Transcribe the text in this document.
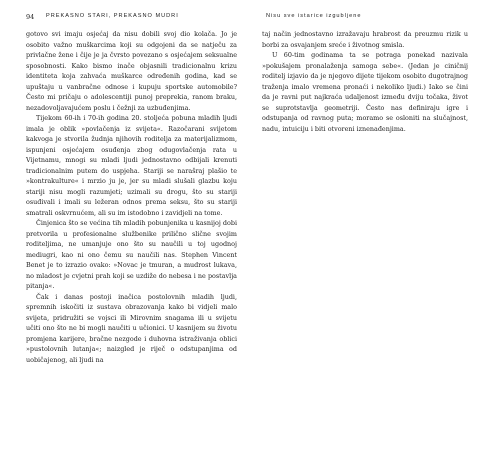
94 PREKASNO STARI, PREKASNO MUDRI	Nisu sve istarice izgubljene

gotovo svi imaju osjećaj da nisu dobili svoj dio kolača. Jo je osobito važno muškarcima koji su odgojeni da se natječu za privlačne žene i čije je ja čvrsto povezano s osjećajem seksualne sposobnosti. Kako bismo inače objasnili tradicionalnu krizu identiteta koja zahvaća muškarce određenih godina, kad se upuštaju u vanbračne odnose i kupuju sportske automobile? Često mi pričaju o adolescentiji punoj preprekia, ranom braku, nezadovoljavajućem poslu i čežnji za uzbuđenjima.

Tijekom 60-ih i 70-ih godina 20. stoljeća pobuna mladih ljudi imala je oblik »povlačenja iz svijeta«. Razočarani svijetom kakvoga je stvorila žudnja njihovih roditelja za materijalizmom, ispunjeni osjećajem osuđenja zbog odugovlačenja rata u Vijetnamu, mnogi su mladi ljudi jednostavno odbijali krenuti tradicionalnim putem do uspjeha. Stariji se narašraj plašio te »kontrakulture« i mrzio ju je, jer su mladi slušali glazbu koju stariji nisu mogli razumjeti; uzimali su drogu, što su stariji osuđivali i imali su ležeran odnos prema seksu, što su stariji smatrali oskvrnućem, ali su im istodobno i zavidjeli na tome.

Činjenica što se većina tih mladih pobunjenika u kasnijoj dobi pretvorila u profesionalne službenike prilično slične svojim roditeljima, ne umanjuje ono što su naučili u toj ugodnoj mediugri, kao ni ono čemu su naučili nas. Stephen Vincent Benet je to izrazio ovako: »Novac je tmuran, a mudrost lukava, no mladost je cvjetni prah koji se uzdiže do nebesa i ne postavlja pitanja«.

Čak i danas postoji inačica postolovnih mladih ljudi, spremnih iskočiti iz sustava obrazovanja kako bi vidjeli malo svijeta, pridružiti se vojsci ili Mirovnim snagama ili u svijetu učiti ono što ne bi mogli naučiti u učionici. U kasnijem su životu promjena karijere, bračne nezgode i duhovna istraživanja oblici »pustolovnih lutanja«; naizgled je riječ o odstupanjima od uobičajenog, ali ljudi na

taj način jednostavno izražavaju hrabrost da preuzmu rizik u borbi za osvajanjem sreće i životnog smisla.

U 60-tim godinama ta se potraga ponekad nazivala »pokušajem pronalaženja samoga sebe«. (Jedan je ciničnij roditelj izjavio da je njegovo dijete tijekom osobito dugotrajnog traženja imalo vremena pronaći i nekoliko ljudi.) Iako se čini da je ravni put najkraća udaljenost između dviju točaka, život se suprotstavlja geometriji. Često nas definiraju igre i odstupanja od ravnog puta; moramo se osloniti na slučajnost, nadu, intuiciju i biti otvoreni iznenađenjima.
